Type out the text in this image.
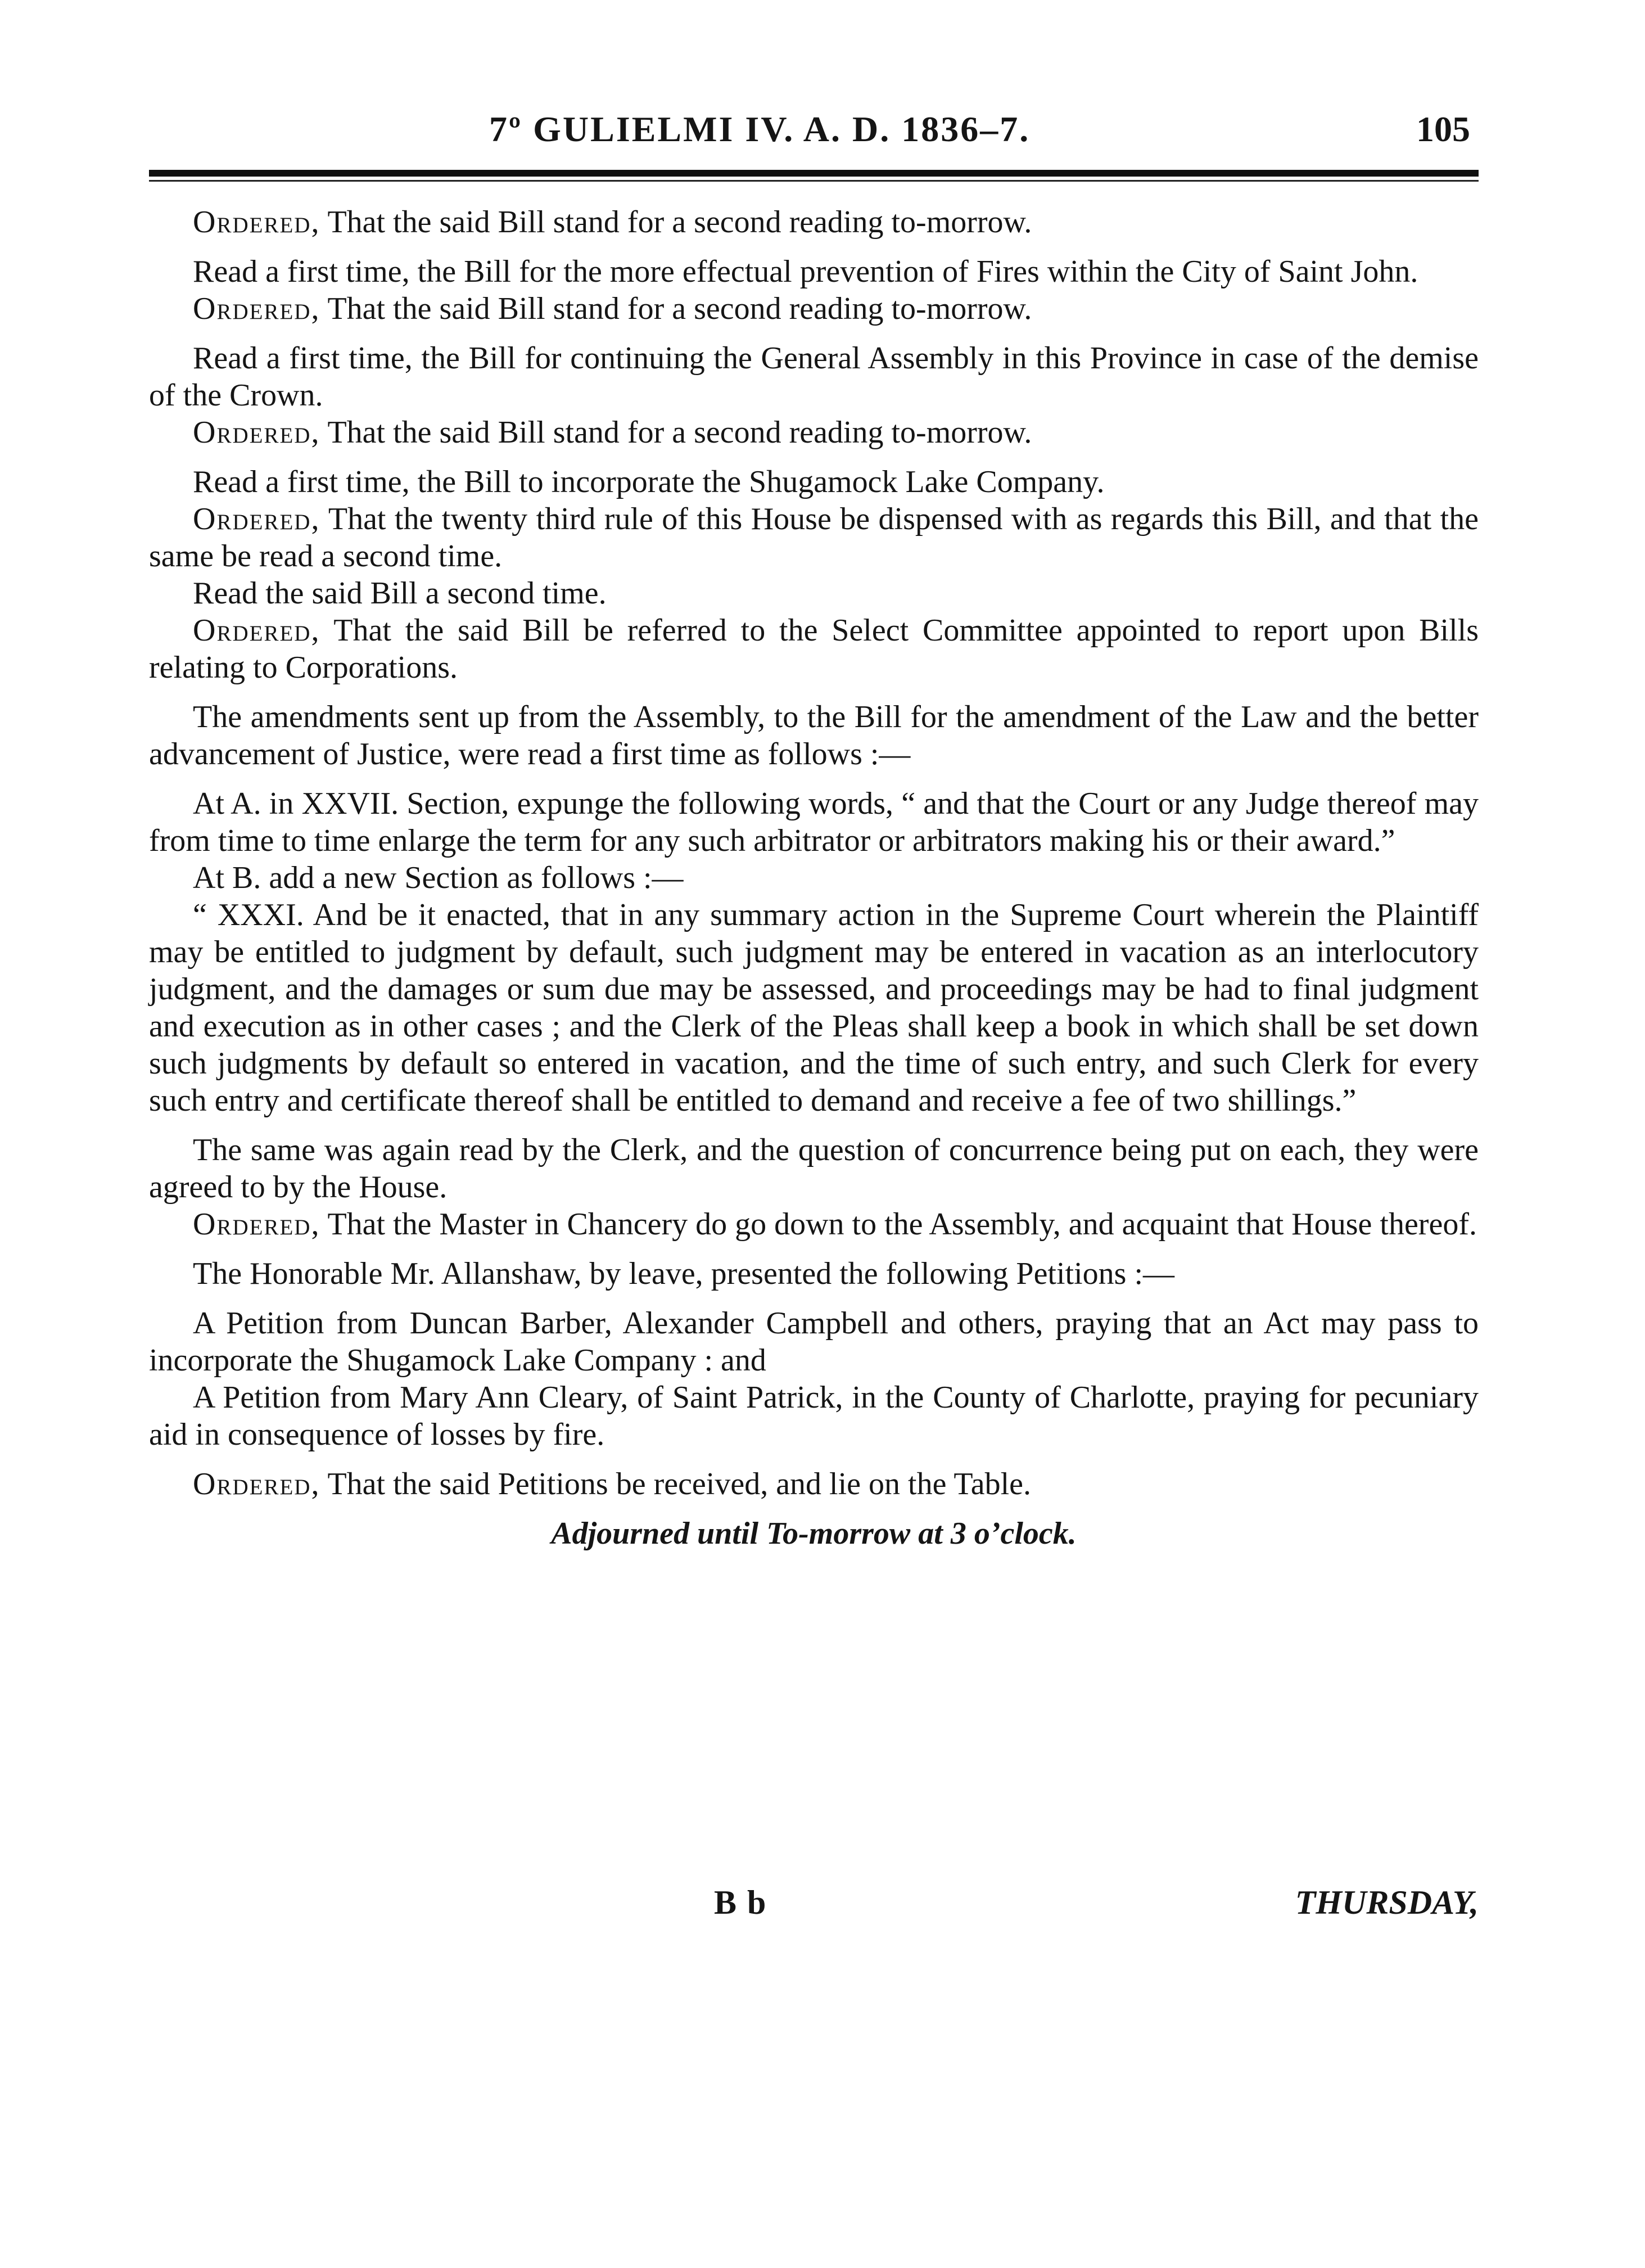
7º GULIELMI IV. A. D. 1836–7.	105

Ordered, That the said Bill stand for a second reading to-morrow.

Read a first time, the Bill for the more effectual prevention of Fires within the City of Saint John.

Ordered, That the said Bill stand for a second reading to-morrow.

Read a first time, the Bill for continuing the General Assembly in this Province in case of the demise of the Crown.

Ordered, That the said Bill stand for a second reading to-morrow.

Read a first time, the Bill to incorporate the Shugamock Lake Company.

Ordered, That the twenty third rule of this House be dispensed with as regards this Bill, and that the same be read a second time.

Read the said Bill a second time.

Ordered, That the said Bill be referred to the Select Committee appointed to report upon Bills relating to Corporations.

The amendments sent up from the Assembly, to the Bill for the amendment of the Law and the better advancement of Justice, were read a first time as follows :—

At A. in XXVII. Section, expunge the following words, “ and that the Court or any Judge thereof may from time to time enlarge the term for any such arbitrator or arbitrators making his or their award.”

At B. add a new Section as follows :—

“ XXXI. And be it enacted, that in any summary action in the Supreme Court wherein the Plaintiff may be entitled to judgment by default, such judgment may be entered in vacation as an interlocutory judgment, and the damages or sum due may be assessed, and proceedings may be had to final judgment and execution as in other cases ; and the Clerk of the Pleas shall keep a book in which shall be set down such judgments by default so entered in vacation, and the time of such entry, and such Clerk for every such entry and certificate thereof shall be entitled to demand and receive a fee of two shillings.”

The same was again read by the Clerk, and the question of concurrence being put on each, they were agreed to by the House.

Ordered, That the Master in Chancery do go down to the Assembly, and acquaint that House thereof.

The Honorable Mr. Allanshaw, by leave, presented the following Petitions :—

A Petition from Duncan Barber, Alexander Campbell and others, praying that an Act may pass to incorporate the Shugamock Lake Company : and

A Petition from Mary Ann Cleary, of Saint Patrick, in the County of Charlotte, praying for pecuniary aid in consequence of losses by fire.

Ordered, That the said Petitions be received, and lie on the Table.

Adjourned until To-morrow at 3 o’clock.

B b	THURSDAY,
